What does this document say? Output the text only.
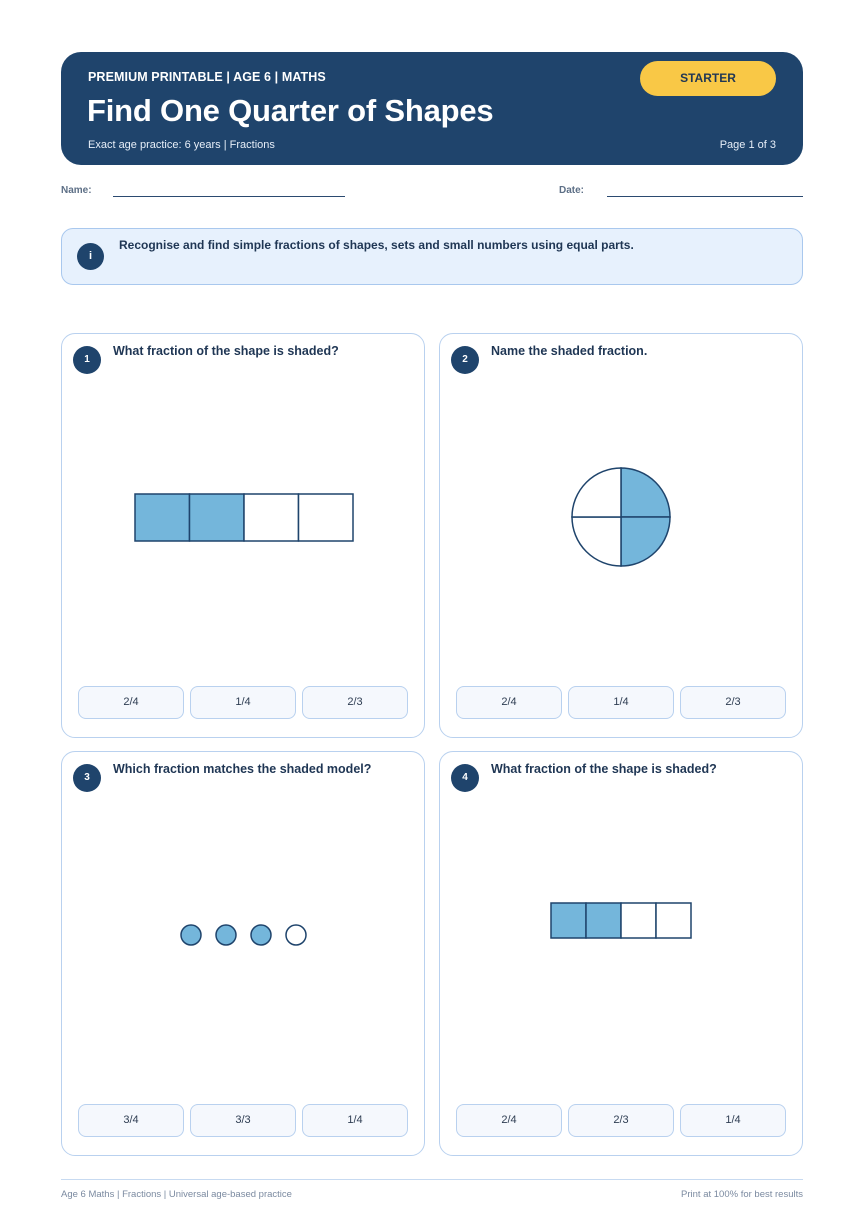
PREMIUM PRINTABLE | AGE 6 | MATHS
Find One Quarter of Shapes
Exact age practice: 6 years | Fractions	Page 1 of 3
STARTER
Name:	Date:
i
Recognise and find simple fractions of shapes, sets and small numbers using equal parts.
1
What fraction of the shape is shaded?
2/4	1/4	2/3
2
Name the shaded fraction.
2/4	1/4	2/3
3
Which fraction matches the shaded model?
3/4	3/3	1/4
4
What fraction of the shape is shaded?
2/4	2/3	1/4
Age 6 Maths | Fractions | Universal age-based practice	Print at 100% for best results
